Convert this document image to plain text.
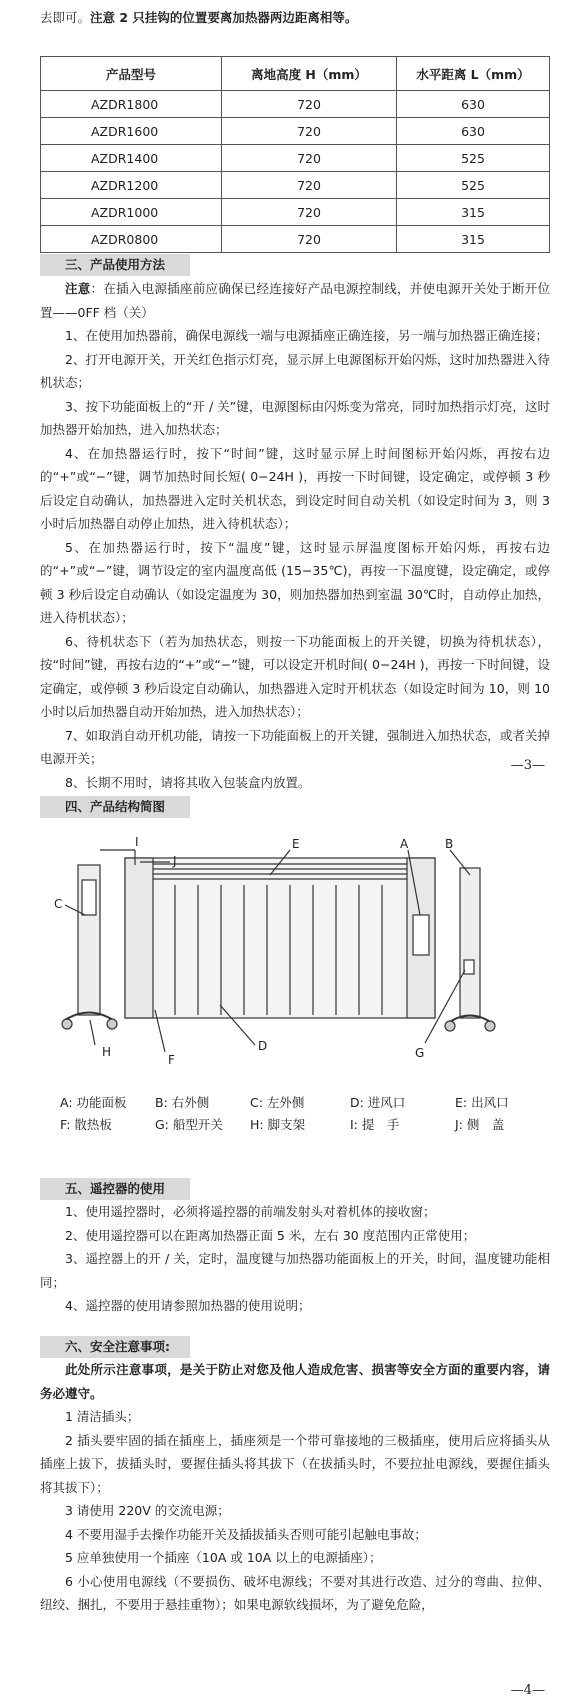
去即可。注意 2 只挂钩的位置要离加热器两边距离相等。
产品型号	离地高度 H（mm）	水平距离 L（mm）
AZDR1800	720	630
AZDR1600	720	630
AZDR1400	720	525
AZDR1200	720	525
AZDR1000	720	315
AZDR0800	720	315
三、产品使用方法

注意：在插入电源插座前应确保已经连接好产品电源控制线，并使电源开关处于断开位置——0FF 档（关）

1、在使用加热器前，确保电源线一端与电源插座正确连接，另一端与加热器正确连接；

2、打开电源开关，开关红色指示灯亮，显示屏上电源图标开始闪烁，这时加热器进入待机状态；

3、按下功能面板上的“开 / 关”键，电源图标由闪烁变为常亮，同时加热指示灯亮，这时加热器开始加热，进入加热状态；

4、在加热器运行时，按下“时间”键，这时显示屏上时间图标开始闪烁，再按右边的“+”或“−”键，调节加热时间长短( 0−24H )，再按一下时间键，设定确定，或停顿 3 秒后设定自动确认，加热器进入定时关机状态，到设定时间自动关机（如设定时间为 3，则 3 小时后加热器自动停止加热，进入待机状态）；

5、在加热器运行时，按下“温度”键，这时显示屏温度图标开始闪烁，再按右边的“+”或“−”键，调节设定的室内温度高低 (15−35℃)，再按一下温度键，设定确定，或停顿 3 秒后设定自动确认（如设定温度为 30，则加热器加热到室温 30℃时，自动停止加热，进入待机状态）；

6、待机状态下（若为加热状态，则按一下功能面板上的开关键，切换为待机状态），按“时间”键，再按右边的“+”或“−”键，可以设定开机时间( 0−24H )，再按一下时间键，设定确定，或停顿 3 秒后设定自动确认，加热器进入定时开机状态（如设定时间为 10，则 10 小时以后加热器自动开始加热，进入加热状态）；

7、如取消自动开机功能，请按一下功能面板上的开关键，强制进入加热状态，或者关掉电源开关；

8、长期不用时，请将其收入包装盒内放置。

—3—
四、产品结构简图
I
J
E	A	B
C
D
F
H	G
A: 功能面板 B: 右外侧	C: 左外侧	D: 进风口	E: 出风口
F: 散热板	G: 船型开关 H: 脚支架	I: 提　手	J: 侧　盖
五、遥控器的使用

1、使用遥控器时，必须将遥控器的前端发射头对着机体的接收窗；

2、使用遥控器可以在距离加热器正面 5 米，左右 30 度范围内正常使用；

3、遥控器上的开 / 关，定时，温度键与加热器功能面板上的开关，时间，温度键功能相同；

4、遥控器的使用请参照加热器的使用说明；

六、安全注意事项:

此处所示注意事项，是关于防止对您及他人造成危害、损害等安全方面的重要内容，请务必遵守。

1 清洁插头；

2 插头要牢固的插在插座上，插座须是一个带可靠接地的三极插座，使用后应将插头从插座上拔下，拔插头时，要握住插头将其拔下（在拔插头时，不要拉扯电源线，要握住插头将其拔下）；

3 请使用 220V 的交流电源；

4 不要用湿手去操作功能开关及插拔插头否则可能引起触电事故；

5 应单独使用一个插座（10A 或 10A 以上的电源插座）；

6 小心使用电源线（不要损伤、破坏电源线；不要对其进行改造、过分的弯曲、拉伸、纽绞、捆扎，不要用于悬挂重物）；如果电源软线损坏，为了避免危险，

—4—
